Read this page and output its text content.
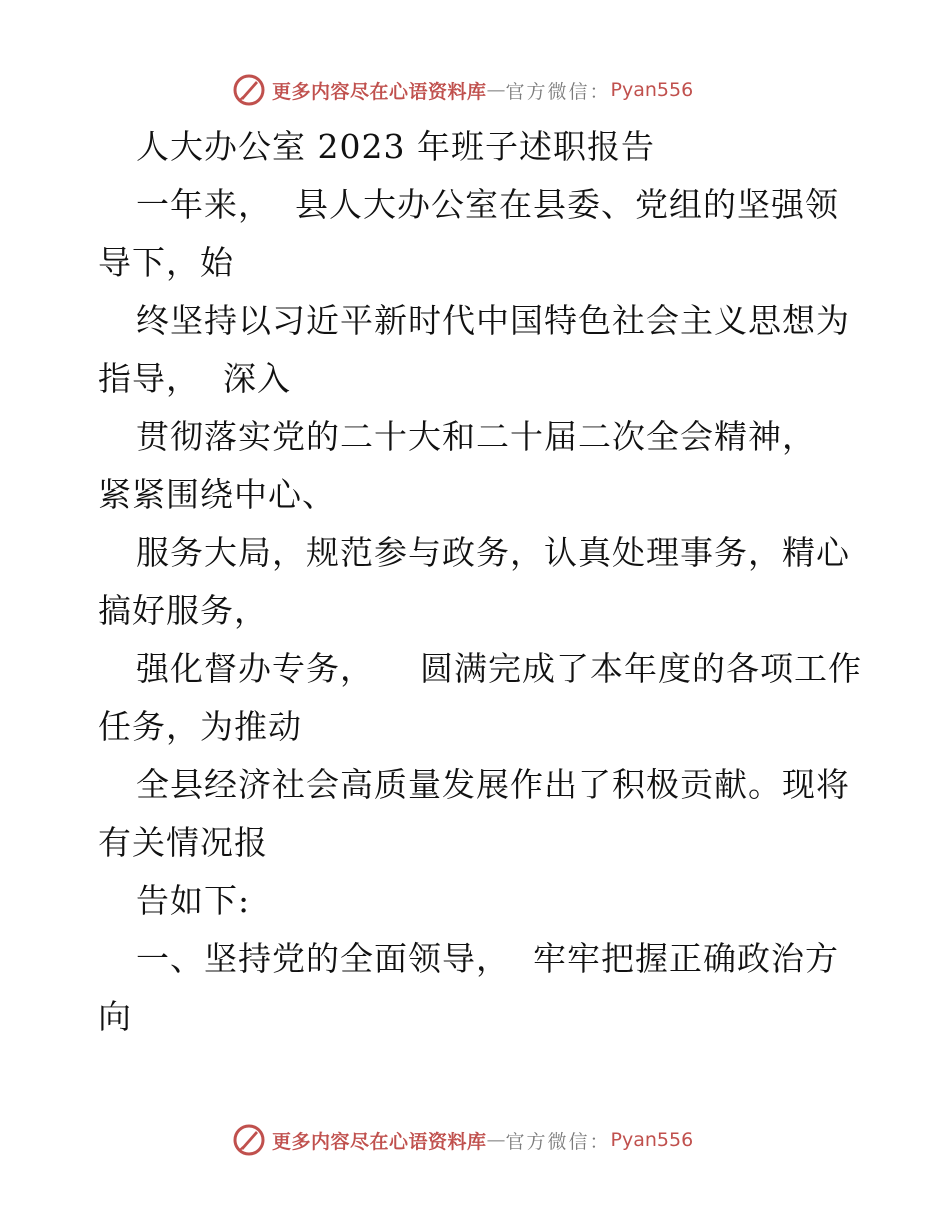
更多内容尽在心语资料库 — 官方微信： Pyan556
人大办公室 2023 年班子述职报告
一年来，  县人大办公室在县委、党组的坚强领
导下，始
终坚持以习近平新时代中国特色社会主义思想为
指导，  深入
贯彻落实党的二十大和二十届二次全会精神，
紧紧围绕中心、
服务大局，规范参与政务，认真处理事务，精心
搞好服务，
强化督办专务，    圆满完成了本年度的各项工作
任务，为推动
全县经济社会高质量发展作出了积极贡献。现将
有关情况报
告如下:
一、坚持党的全面领导，  牢牢把握正确政治方
向
更多内容尽在心语资料库 — 官方微信： Pyan556
